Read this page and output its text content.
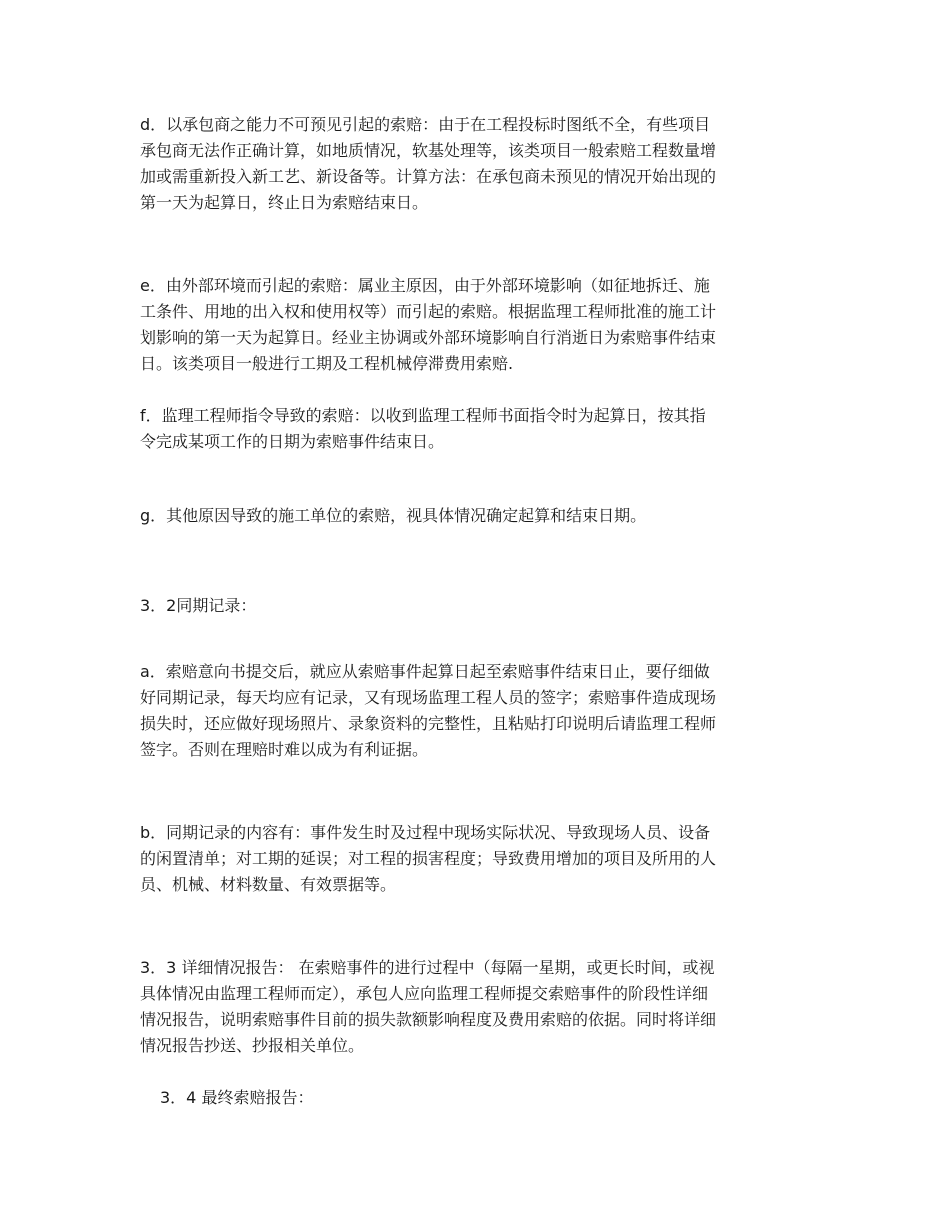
d．以承包商之能力不可预见引起的索赔：由于在工程投标时图纸不全，有些项目
承包商无法作正确计算，如地质情况，软基处理等，该类项目一般索赔工程数量增
加或需重新投入新工艺、新设备等。计算方法：在承包商未预见的情况开始出现的
第一天为起算日，终止日为索赔结束日。

e．由外部环境而引起的索赔：属业主原因，由于外部环境影响（如征地拆迁、施
工条件、用地的出入权和使用权等）而引起的索赔。根据监理工程师批准的施工计
划影响的第一天为起算日。经业主协调或外部环境影响自行消逝日为索赔事件结束
日。该类项目一般进行工期及工程机械停滞费用索赔.

f．监理工程师指令导致的索赔：以收到监理工程师书面指令时为起算日，按其指
令完成某项工作的日期为索赔事件结束日。

g．其他原因导致的施工单位的索赔，视具体情况确定起算和结束日期。

3．2同期记录：

a．索赔意向书提交后，就应从索赔事件起算日起至索赔事件结束日止，要仔细做
好同期记录，每天均应有记录，又有现场监理工程人员的签字；索赔事件造成现场
损失时，还应做好现场照片、录象资料的完整性，且粘贴打印说明后请监理工程师
签字。否则在理赔时难以成为有利证据。

b．同期记录的内容有：事件发生时及过程中现场实际状况、导致现场人员、设备
的闲置清单；对工期的延误；对工程的损害程度；导致费用增加的项目及所用的人
员、机械、材料数量、有效票据等。

3．3 详细情况报告： 在索赔事件的进行过程中（每隔一星期，或更长时间，或视
具体情况由监理工程师而定），承包人应向监理工程师提交索赔事件的阶段性详细
情况报告，说明索赔事件目前的损失款额影响程度及费用索赔的依据。同时将详细
情况报告抄送、抄报相关单位。

3．4 最终索赔报告：
